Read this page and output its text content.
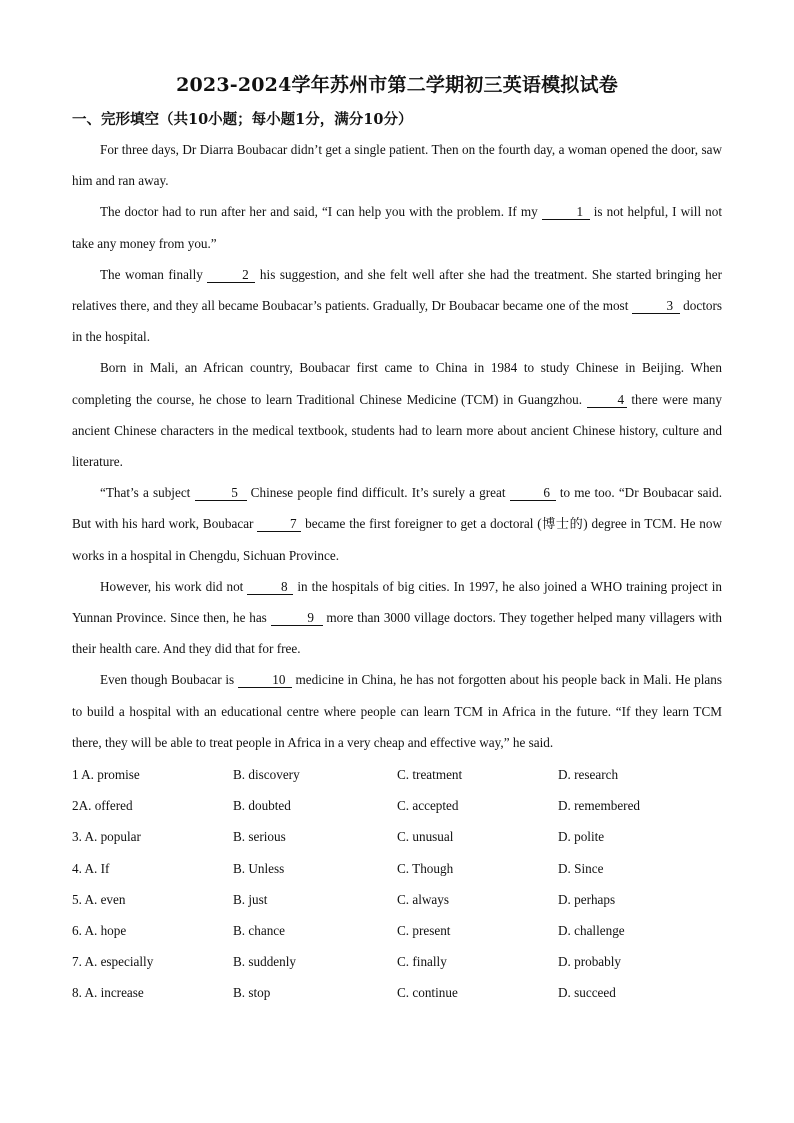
2023-2024学年苏州市第二学期初三英语模拟试卷
一、完形填空（共10小题；每小题1分，满分10分）

For three days, Dr Diarra Boubacar didn’t get a single patient. Then on the fourth day, a woman opened the door, saw him and ran away.

The doctor had to run after her and said, “I can help you with the problem. If my	1 is not helpful, I will not take any money from you.”

The woman finally	2 his suggestion, and she felt well after she had the treatment. She started bringing her relatives there, and they all became Boubacar’s patients. Gradually, Dr Boubacar became one of the most	3 doctors in the hospital.

Born in Mali, an African country, Boubacar first came to China in 1984 to study Chinese in Beijing. When completing the course, he chose to learn Traditional Chinese Medicine (TCM) in Guangzhou. 4 there were many ancient Chinese characters in the medical textbook, students had to learn more about ancient Chinese history, culture and literature.

“That’s a subject	5 Chinese people find difficult. It’s surely a great	6 to me too. “Dr Boubacar said. But with his hard work, Boubacar 7 became the first foreigner to get a doctoral (博士的) degree in TCM. He now works in a hospital in Chengdu, Sichuan Province.

However, his work did not	8 in the hospitals of big cities. In 1997, he also joined a WHO training project in Yunnan Province. Since then, he has	9 more than 3000 village doctors. They together helped many villagers with their health care. And they did that for free.

Even though Boubacar is	10 medicine in China, he has not forgotten about his people back in Mali. He plans to build a hospital with an educational centre where people can learn TCM in Africa in the future. “If they learn TCM there, they will be able to treat people in Africa in a very cheap and effective way,” he said.

1 A. promise	B. discovery	C. treatment	D. research
2A. offered	B. doubted	C. accepted	D. remembered
3. A. popular	B. serious	C. unusual	D. polite
4. A. If	B. Unless	C. Though	D. Since
5. A. even	B. just	C. always	D. perhaps
6. A. hope	B. chance	C. present	D. challenge
7. A. especially	B. suddenly	C. finally	D. probably
8. A. increase	B. stop	C. continue	D. succeed
